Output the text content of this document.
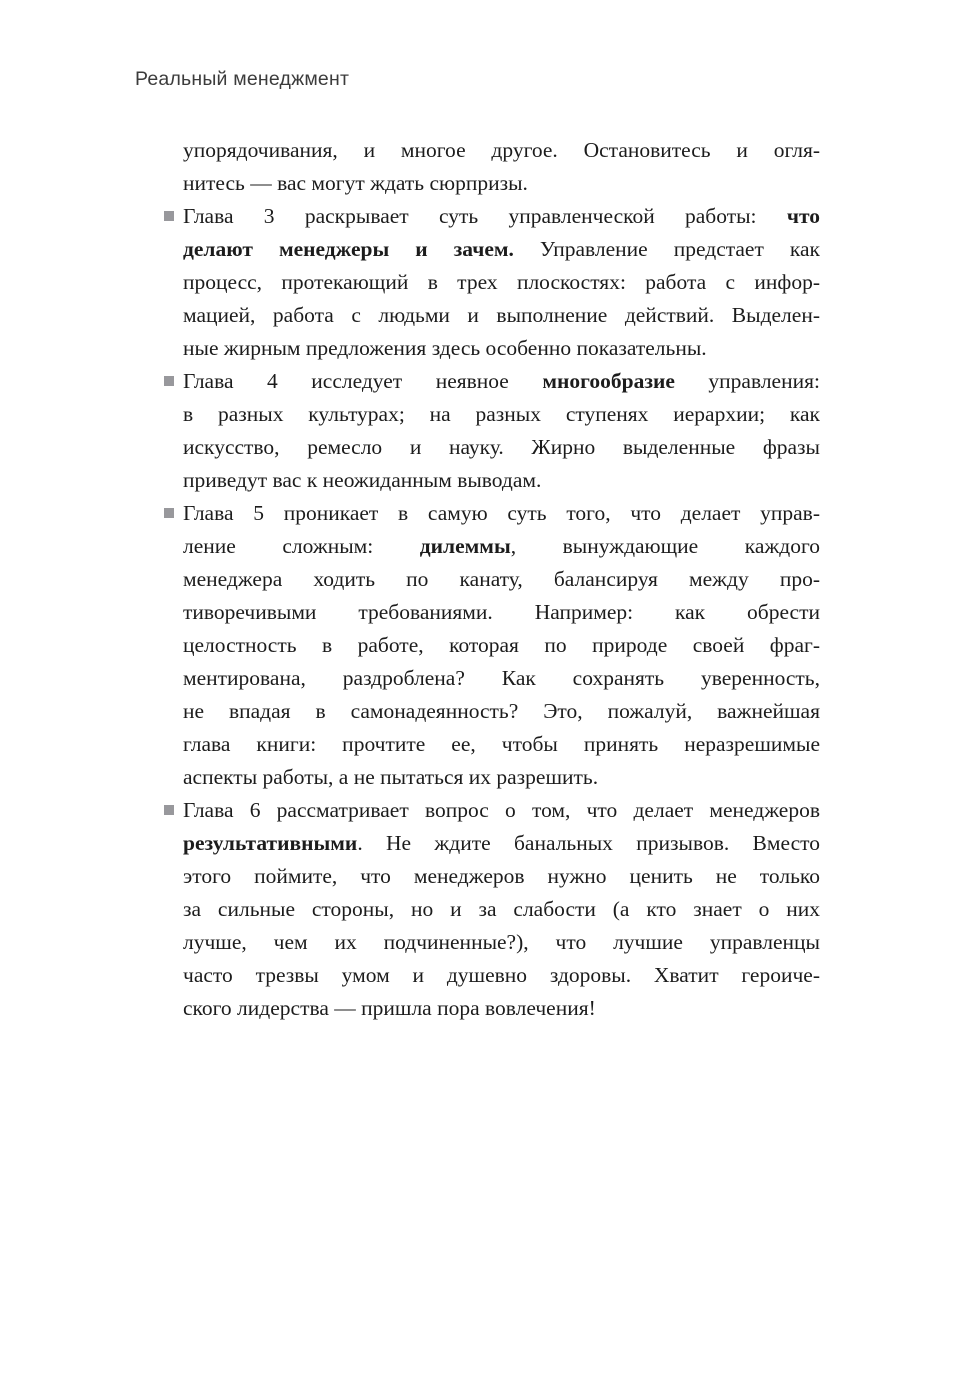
Реальный менеджмент
упорядочивания, и многое другое. Остановитесь и огля-
нитесь — вас могут ждать сюрпризы.
Глава 3 раскрывает суть управленческой работы: что
делают менеджеры и зачем. Управление предстает как
процесс, протекающий в трех плоскостях: работа с инфор-
мацией, работа с людьми и выполнение действий. Выделен-
ные жирным предложения здесь особенно показательны.
Глава 4 исследует неявное многообразие управления:
в разных культурах; на разных ступенях иерархии; как
искусство, ремесло и науку. Жирно выделенные фразы
приведут вас к неожиданным выводам.
Глава 5 проникает в самую суть того, что делает управ-
ление сложным: дилеммы, вынуждающие каждого
менеджера ходить по канату, балансируя между про-
тиворечивыми требованиями. Например: как обрести
целостность в работе, которая по природе своей фраг-
ментирована, раздроблена? Как сохранять уверенность,
не впадая в самонадеянность? Это, пожалуй, важнейшая
глава книги: прочтите ее, чтобы принять неразрешимые
аспекты работы, а не пытаться их разрешить.
Глава 6 рассматривает вопрос о том, что делает менеджеров
результативными. Не ждите банальных призывов. Вместо
этого поймите, что менеджеров нужно ценить не только
за сильные стороны, но и за слабости (а кто знает о них
лучше, чем их подчиненные?), что лучшие управленцы
часто трезвы умом и душевно здоровы. Хватит героиче-
ского лидерства — пришла пора вовлечения!
